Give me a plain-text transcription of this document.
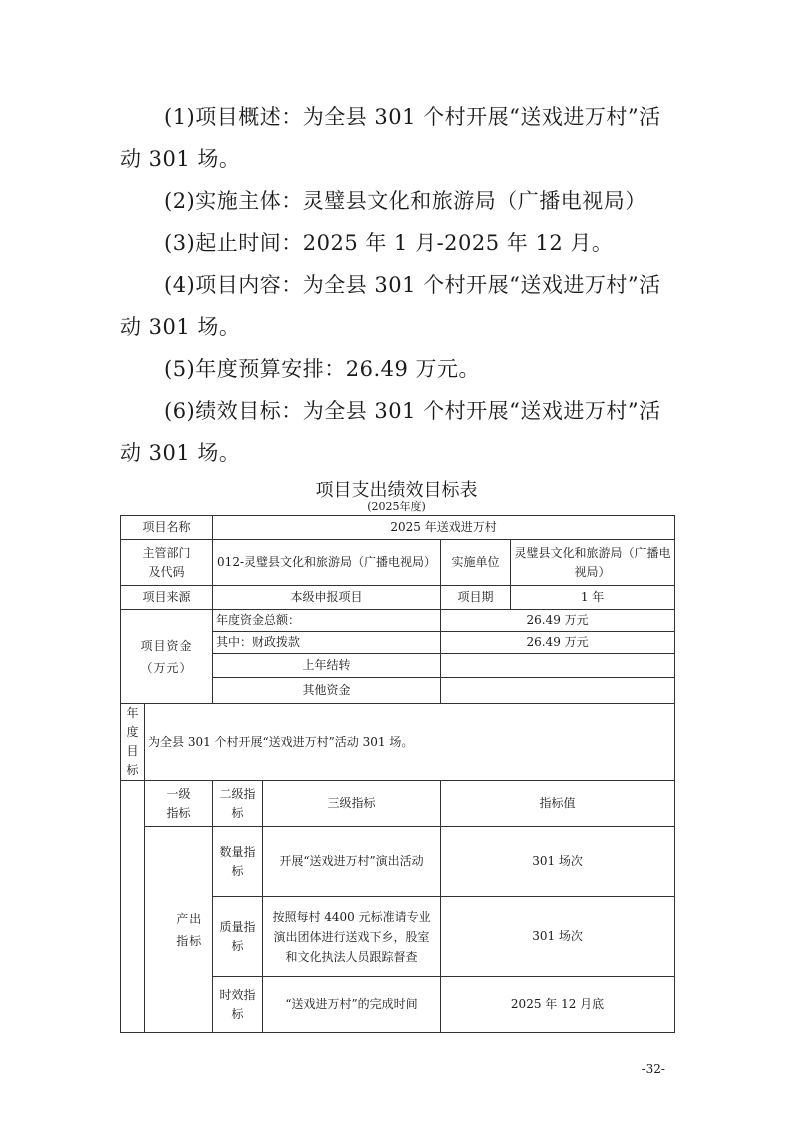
(1)项目概述：为全县 301 个村开展“送戏进万村”活动 301 场。
(2)实施主体：灵璧县文化和旅游局（广播电视局）
(3)起止时间：2025 年 1 月-2025 年 12 月。
(4)项目内容：为全县 301 个村开展“送戏进万村”活动 301 场。
(5)年度预算安排：26.49 万元。
(6)绩效目标：为全县 301 个村开展“送戏进万村”活动 301 场。
项目支出绩效目标表
(2025年度)
项目名称			2025 年送戏进万村			

主管部门及代码			012-灵璧县文化和旅游局（广播电视局）		实施单位	灵璧县文化和旅游局（广播电视局）
项目来源			本级申报项目		项目期	1 年

项目资金（万元）			年度资金总额：		26.49 万元	
			其中：财政拨款		26.49 万元	
			上年结转			
			其他资金			

年度目标	为全县 301 个村开展“送戏进万村”活动 301 场。					

	一级指标		二级指标	三级指标	指标值	

		产出指标	数量指标	开展“送戏进万村”演出活动	301 场次	
			质量指标	按照每村 4400 元标准请专业演出团体进行送戏下乡，股室和文化执法人员跟踪督查	301 场次	
			时效指标	“送戏进万村”的完成时间	2025 年 12 月底	
-32-
